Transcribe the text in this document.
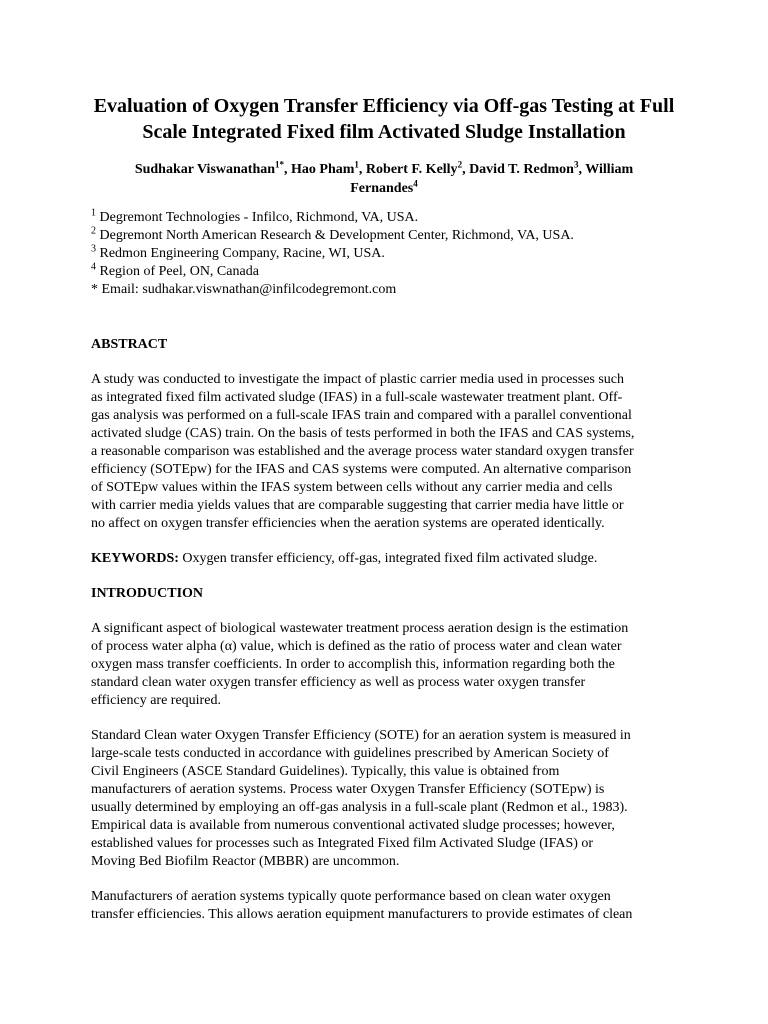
Evaluation of Oxygen Transfer Efficiency via Off-gas Testing at Full
Scale Integrated Fixed film Activated Sludge Installation
Sudhakar Viswanathan$^{1*}$, Hao Pham$^1$, Robert F. Kelly$^2$, David T. Redmon$^3$, William
Fernandes$^4$
$^1$ Degremont Technologies - Infilco, Richmond, VA, USA.
$^2$ Degremont North American Research & Development Center, Richmond, VA, USA.
$^3$ Redmon Engineering Company, Racine, WI, USA.
$^4$ Region of Peel, ON, Canada
* Email: sudhakar.viswnathan@infilcodegremont.com
ABSTRACT
A study was conducted to investigate the impact of plastic carrier media used in processes such
as integrated fixed film activated sludge (IFAS) in a full-scale wastewater treatment plant. Off-
gas analysis was performed on a full-scale IFAS train and compared with a parallel conventional
activated sludge (CAS) train. On the basis of tests performed in both the IFAS and CAS systems,
a reasonable comparison was established and the average process water standard oxygen transfer
efficiency (SOTEpw) for the IFAS and CAS systems were computed. An alternative comparison
of SOTEpw values within the IFAS system between cells without any carrier media and cells
with carrier media yields values that are comparable suggesting that carrier media have little or
no affect on oxygen transfer efficiencies when the aeration systems are operated identically.
KEYWORDS: Oxygen transfer efficiency, off-gas, integrated fixed film activated sludge.
INTRODUCTION
A significant aspect of biological wastewater treatment process aeration design is the estimation
of process water alpha (α) value, which is defined as the ratio of process water and clean water
oxygen mass transfer coefficients. In order to accomplish this, information regarding both the
standard clean water oxygen transfer efficiency as well as process water oxygen transfer
efficiency are required.
Standard Clean water Oxygen Transfer Efficiency (SOTE) for an aeration system is measured in
large-scale tests conducted in accordance with guidelines prescribed by American Society of
Civil Engineers (ASCE Standard Guidelines). Typically, this value is obtained from
manufacturers of aeration systems. Process water Oxygen Transfer Efficiency (SOTEpw) is
usually determined by employing an off-gas analysis in a full-scale plant (Redmon et al., 1983).
Empirical data is available from numerous conventional activated sludge processes; however,
established values for processes such as Integrated Fixed film Activated Sludge (IFAS) or
Moving Bed Biofilm Reactor (MBBR) are uncommon.
Manufacturers of aeration systems typically quote performance based on clean water oxygen
transfer efficiencies. This allows aeration equipment manufacturers to provide estimates of clean
